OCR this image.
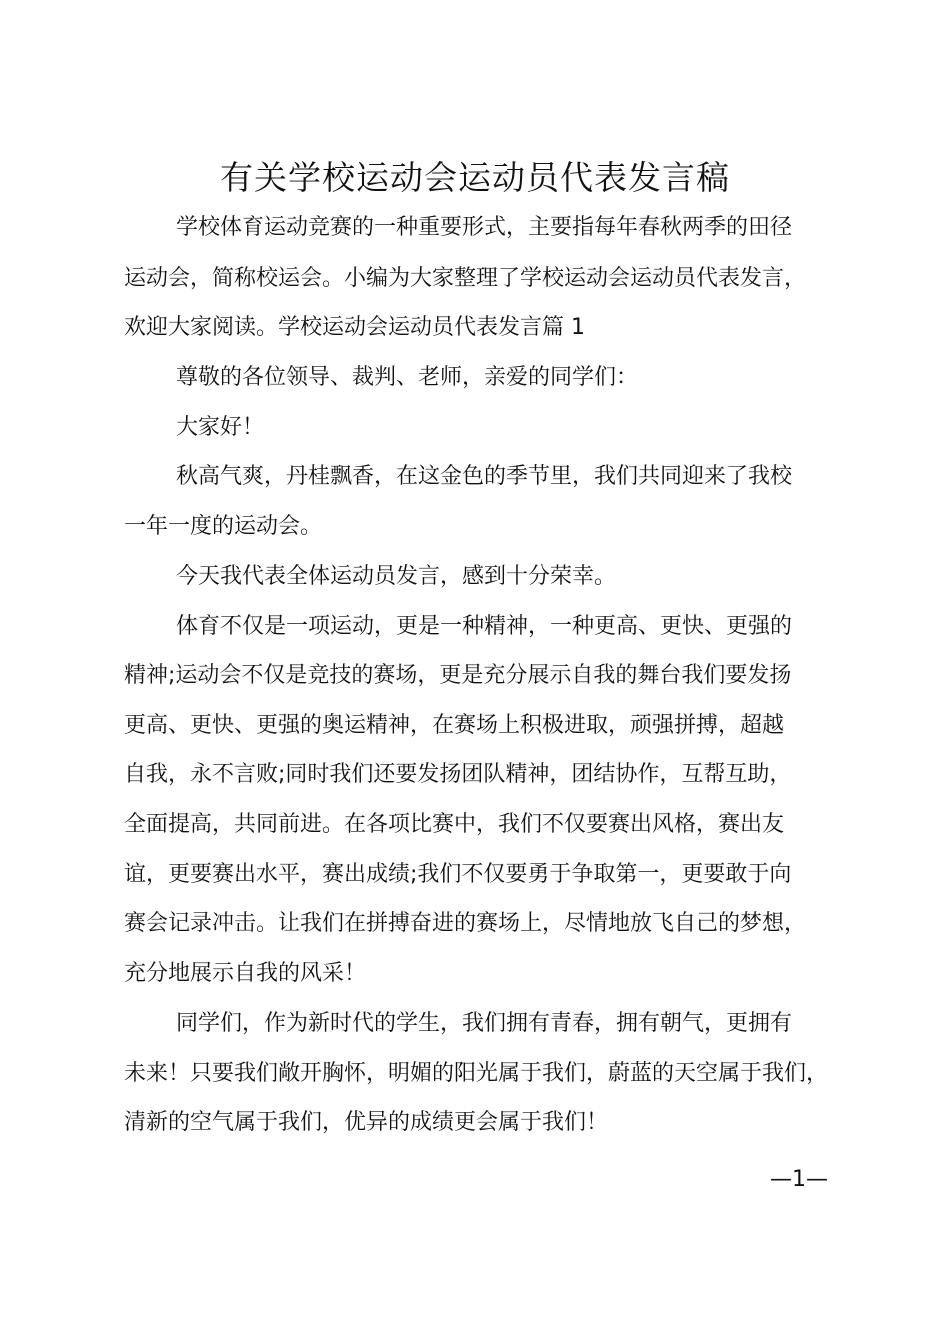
有关学校运动会运动员代表发言稿

学校体育运动竞赛的一种重要形式，主要指每年春秋两季的田径

运动会，简称校运会。小编为大家整理了学校运动会运动员代表发言，

欢迎大家阅读。学校运动会运动员代表发言篇 1

尊敬的各位领导、裁判、老师，亲爱的同学们：

大家好！

秋高气爽，丹桂飘香，在这金色的季节里，我们共同迎来了我校

一年一度的运动会。

今天我代表全体运动员发言，感到十分荣幸。

体育不仅是一项运动，更是一种精神，一种更高、更快、更强的

精神;运动会不仅是竞技的赛场，更是充分展示自我的舞台我们要发扬

更高、更快、更强的奥运精神，在赛场上积极进取，顽强拼搏，超越

自我，永不言败;同时我们还要发扬团队精神，团结协作，互帮互助，

全面提高，共同前进。在各项比赛中，我们不仅要赛出风格，赛出友

谊，更要赛出水平，赛出成绩;我们不仅要勇于争取第一，更要敢于向

赛会记录冲击。让我们在拼搏奋进的赛场上，尽情地放飞自己的梦想，

充分地展示自我的风采！

同学们，作为新时代的学生，我们拥有青春，拥有朝气，更拥有

未来！只要我们敞开胸怀，明媚的阳光属于我们，蔚蓝的天空属于我们，

清新的空气属于我们，优异的成绩更会属于我们！

—1—
